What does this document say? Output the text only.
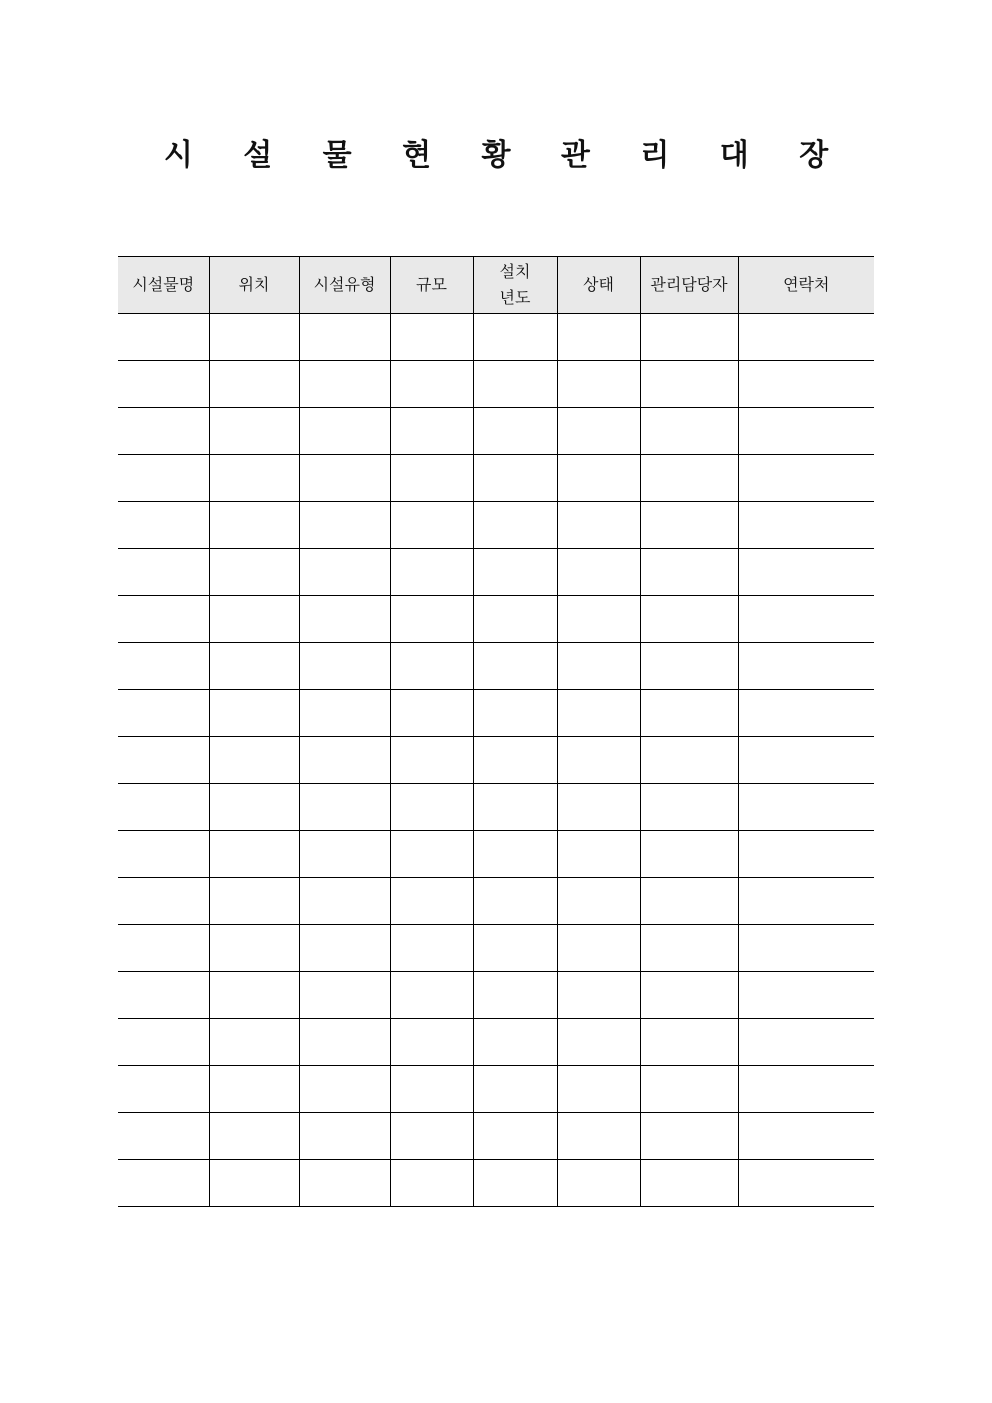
시 설 물 현 황 관 리 대 장
시설물명	위치	시설유형	규모	설치년도	상태	관리담당자	연락처
